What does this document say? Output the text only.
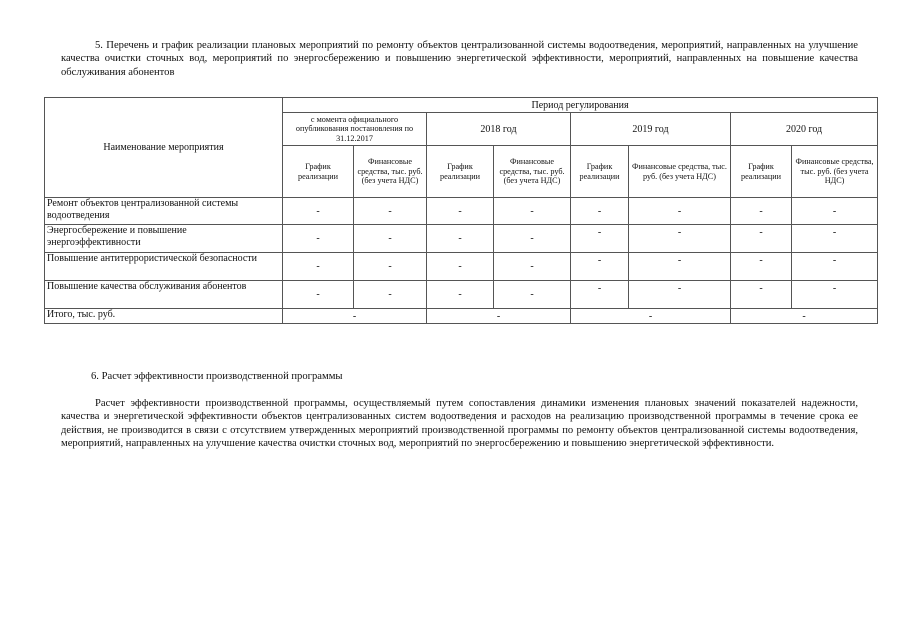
5. Перечень и график реализации плановых мероприятий по ремонту объектов централизованной системы водоотведения, мероприятий, направленных на улучшение качества очистки сточных вод, мероприятий по энергосбережению и повышению энергетической эффективности, мероприятий, направленных на повышение качества обслуживания абонентов

Наименование мероприятия	Период регулирования							
	с момента официального опубликования постановления по 31.12.2017		2018 год		2019 год		2020 год	
	График реализации	Финансовые средства, тыс. руб. (без учета НДС)	График реализации	Финансовые средства, тыс. руб. (без учета НДС)	График реализации	Финансовые средства, тыс. руб. (без учета НДС)	График реализации	Финансовые средства, тыс. руб. (без учета НДС)
Ремонт объектов централизованной системы водоотведения	-	-	-	-	-	-	-	-
Энергосбережение и повышение энергоэффективности	-	-	-	-	-	-	-	-
Повышение антитеррористической безопасности	-	-	-	-	-	-	-	-
Повышение качества обслуживания абонентов	-	-	-	-	-	-	-	-
Итого, тыс. руб.	-		-		-		-	

6. Расчет эффективности производственной программы

Расчет эффективности производственной программы, осуществляемый путем сопоставления динамики изменения плановых значений показателей надежности, качества и энергетической эффективности объектов централизованных систем водоотведения и расходов на реализацию производственной программы в течение срока ее действия, не производится в связи с отсутствием утвержденных мероприятий производственной программы по ремонту объектов централизованной системы водоотведения, мероприятий, направленных на улучшение качества очистки сточных вод, мероприятий по энергосбережению и повышению энергетической эффективности.
